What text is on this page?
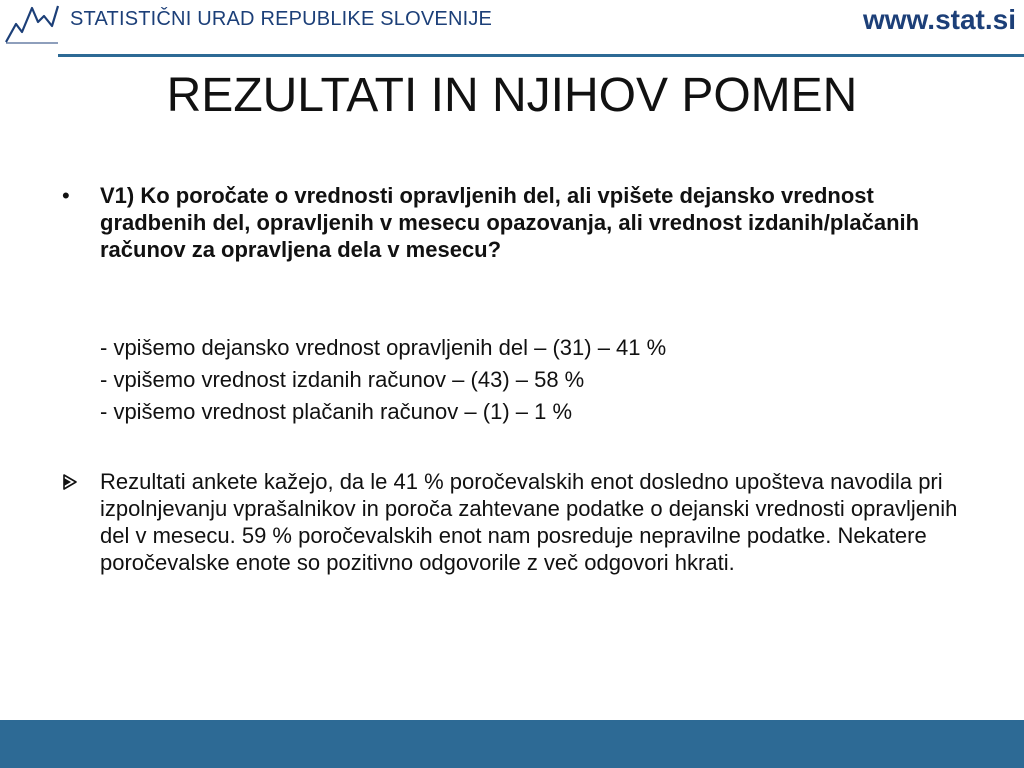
STATISTIČNI URAD REPUBLIKE SLOVENIJE	www.stat.si
REZULTATI IN NJIHOV POMEN
•	V1) Ko poročate o vrednosti opravljenih del, ali vpišete dejansko vrednost gradbenih del, opravljenih v mesecu opazovanja, ali vrednost izdanih/plačanih računov za opravljena dela v mesecu?
- vpišemo dejansko vrednost opravljenih del – (31) – 41 %
- vpišemo vrednost izdanih računov – (43) – 58 %
- vpišemo vrednost plačanih računov – (1) – 1 %
Rezultati ankete kažejo, da le 41 % poročevalskih enot dosledno upošteva navodila pri izpolnjevanju vprašalnikov in poroča zahtevane podatke o dejanski vrednosti opravljenih del v mesecu. 59 % poročevalskih enot nam posreduje nepravilne podatke. Nekatere poročevalske enote so pozitivno odgovorile z več odgovori hkrati.
